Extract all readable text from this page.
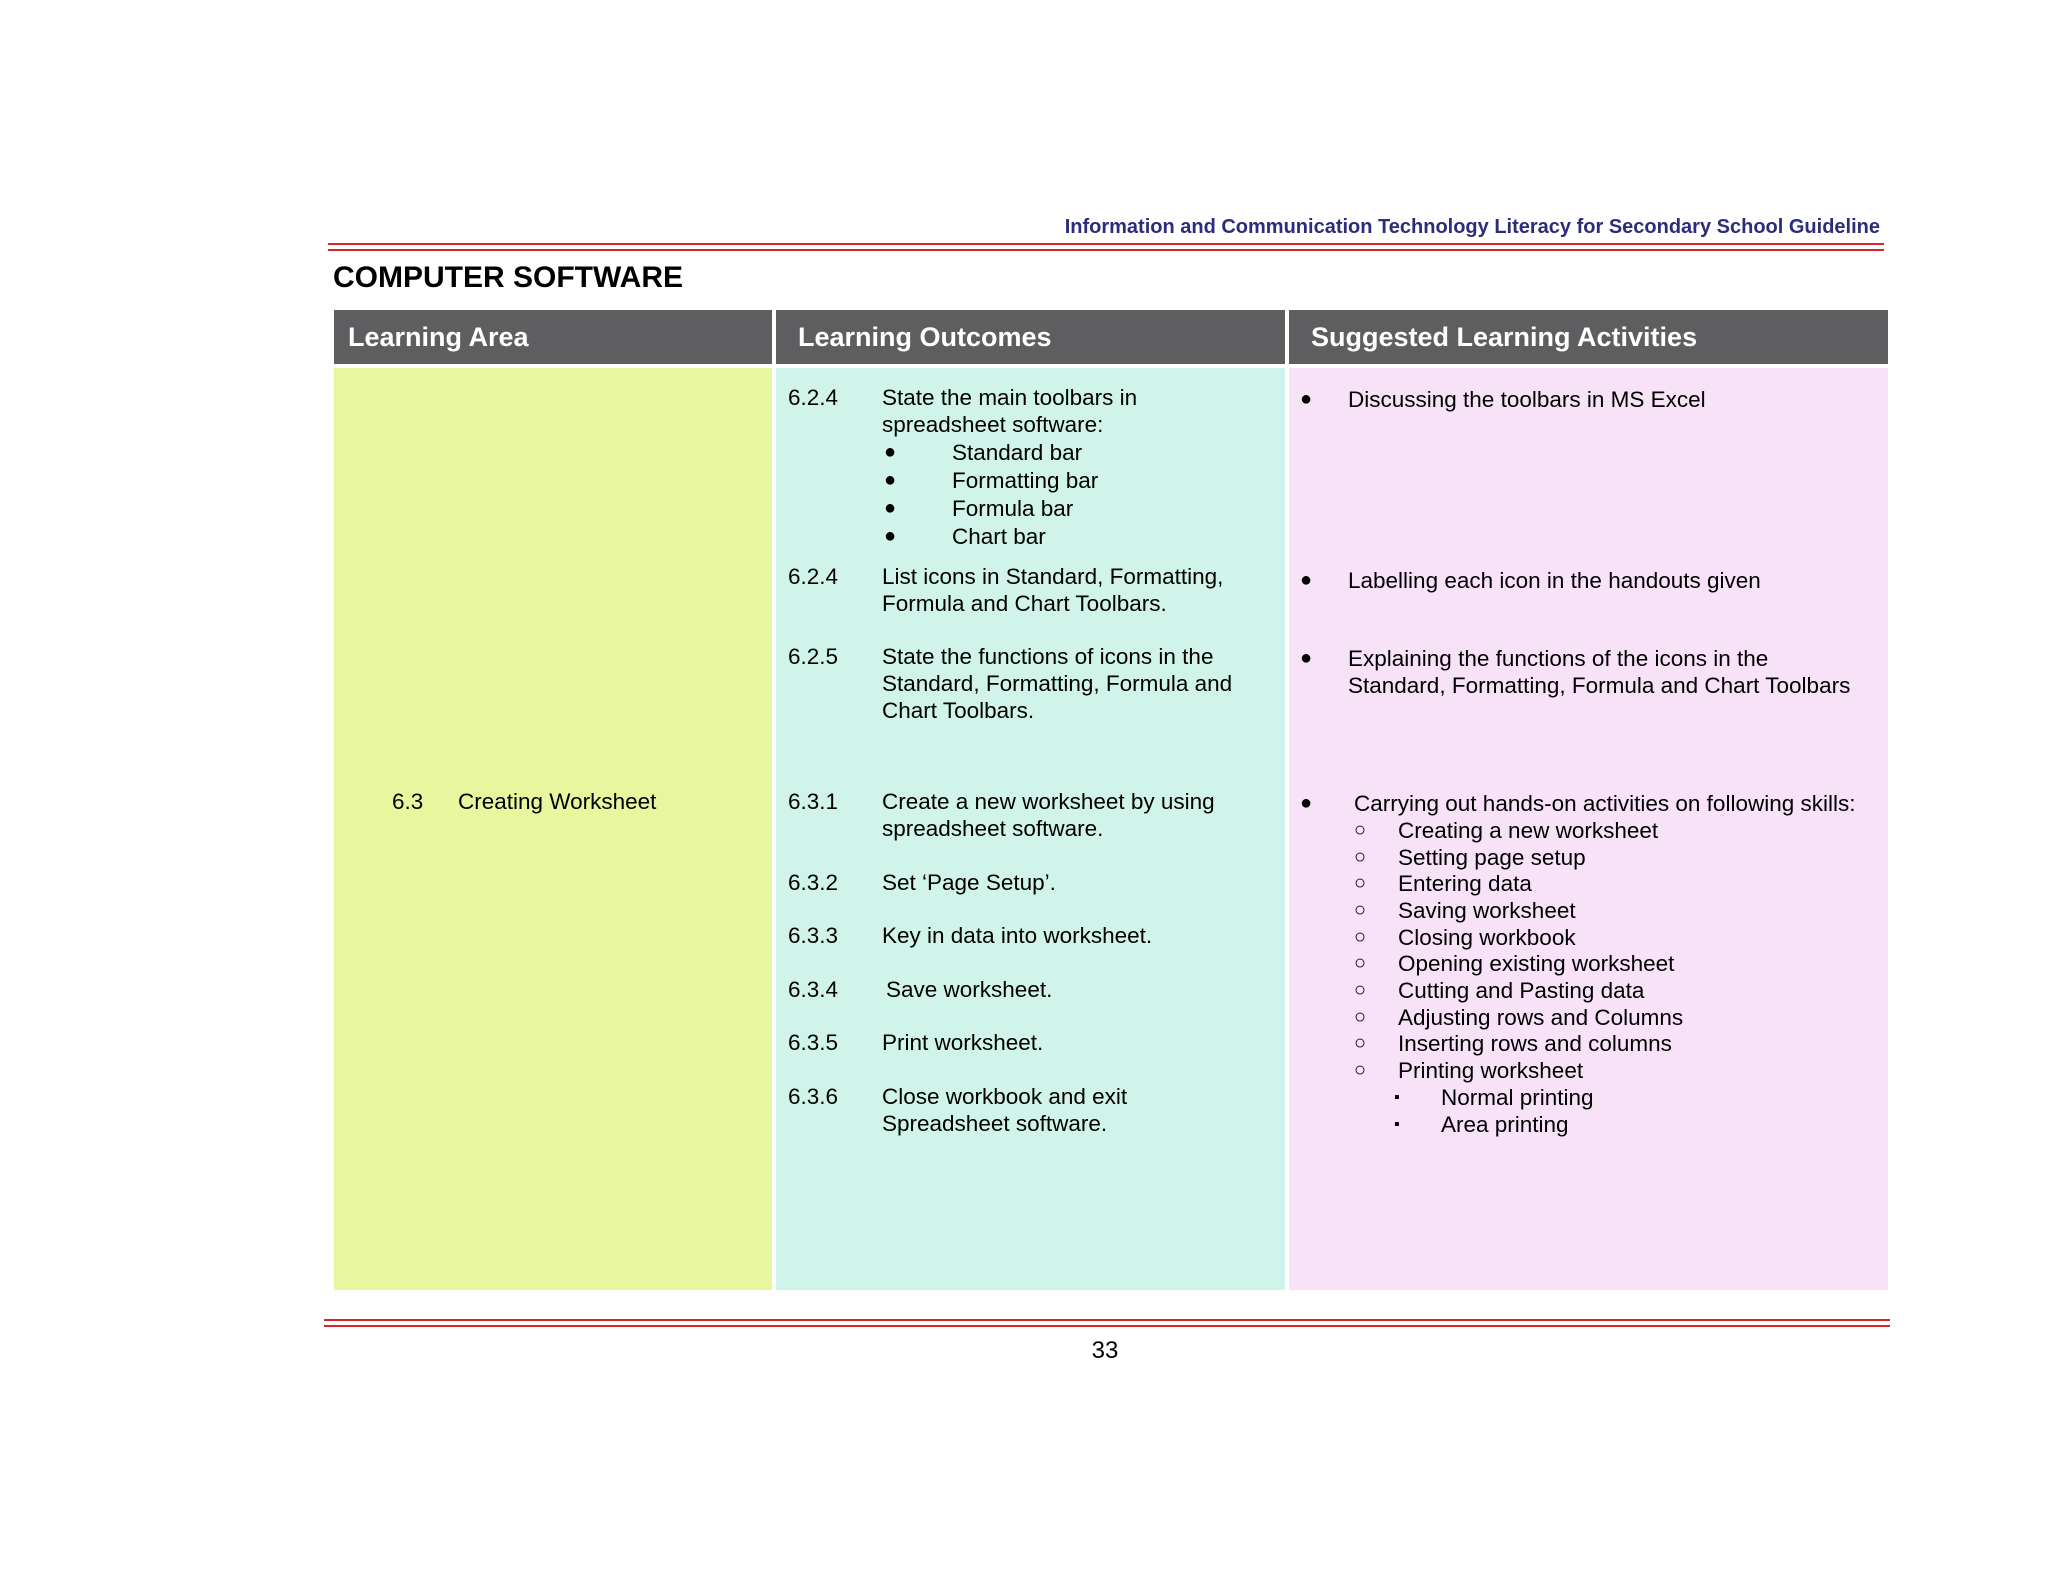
Information and Communication Technology Literacy for Secondary School Guideline
COMPUTER SOFTWARE
Learning Area	Learning Outcomes	Suggested Learning Activities
6.3 Creating Worksheet
6.2.4 State the main toolbars in
spreadsheet software:
● Standard bar
● Formatting bar
● Formula bar
● Chart bar
6.2.4 List icons in Standard, Formatting,
Formula and Chart Toolbars.
6.2.5 State the functions of icons in the
Standard, Formatting, Formula and
Chart Toolbars.
6.3.1 Create a new worksheet by using
spreadsheet software.
6.3.2 Set ‘Page Setup’.
6.3.3 Key in data into worksheet.
6.3.4 Save worksheet.
6.3.5 Print worksheet.
6.3.6 Close workbook and exit
Spreadsheet software.
● Discussing the toolbars in MS Excel
● Labelling each icon in the handouts given
● Explaining the functions of the icons in the
Standard, Formatting, Formula and Chart Toolbars
● Carrying out hands-on activities on following skills:
○ Creating a new worksheet
○ Setting page setup
○ Entering data
○ Saving worksheet
○ Closing workbook
○ Opening existing worksheet
○ Cutting and Pasting data
○ Adjusting rows and Columns
○ Inserting rows and columns
○ Printing worksheet
▪ Normal printing
▪ Area printing
33
